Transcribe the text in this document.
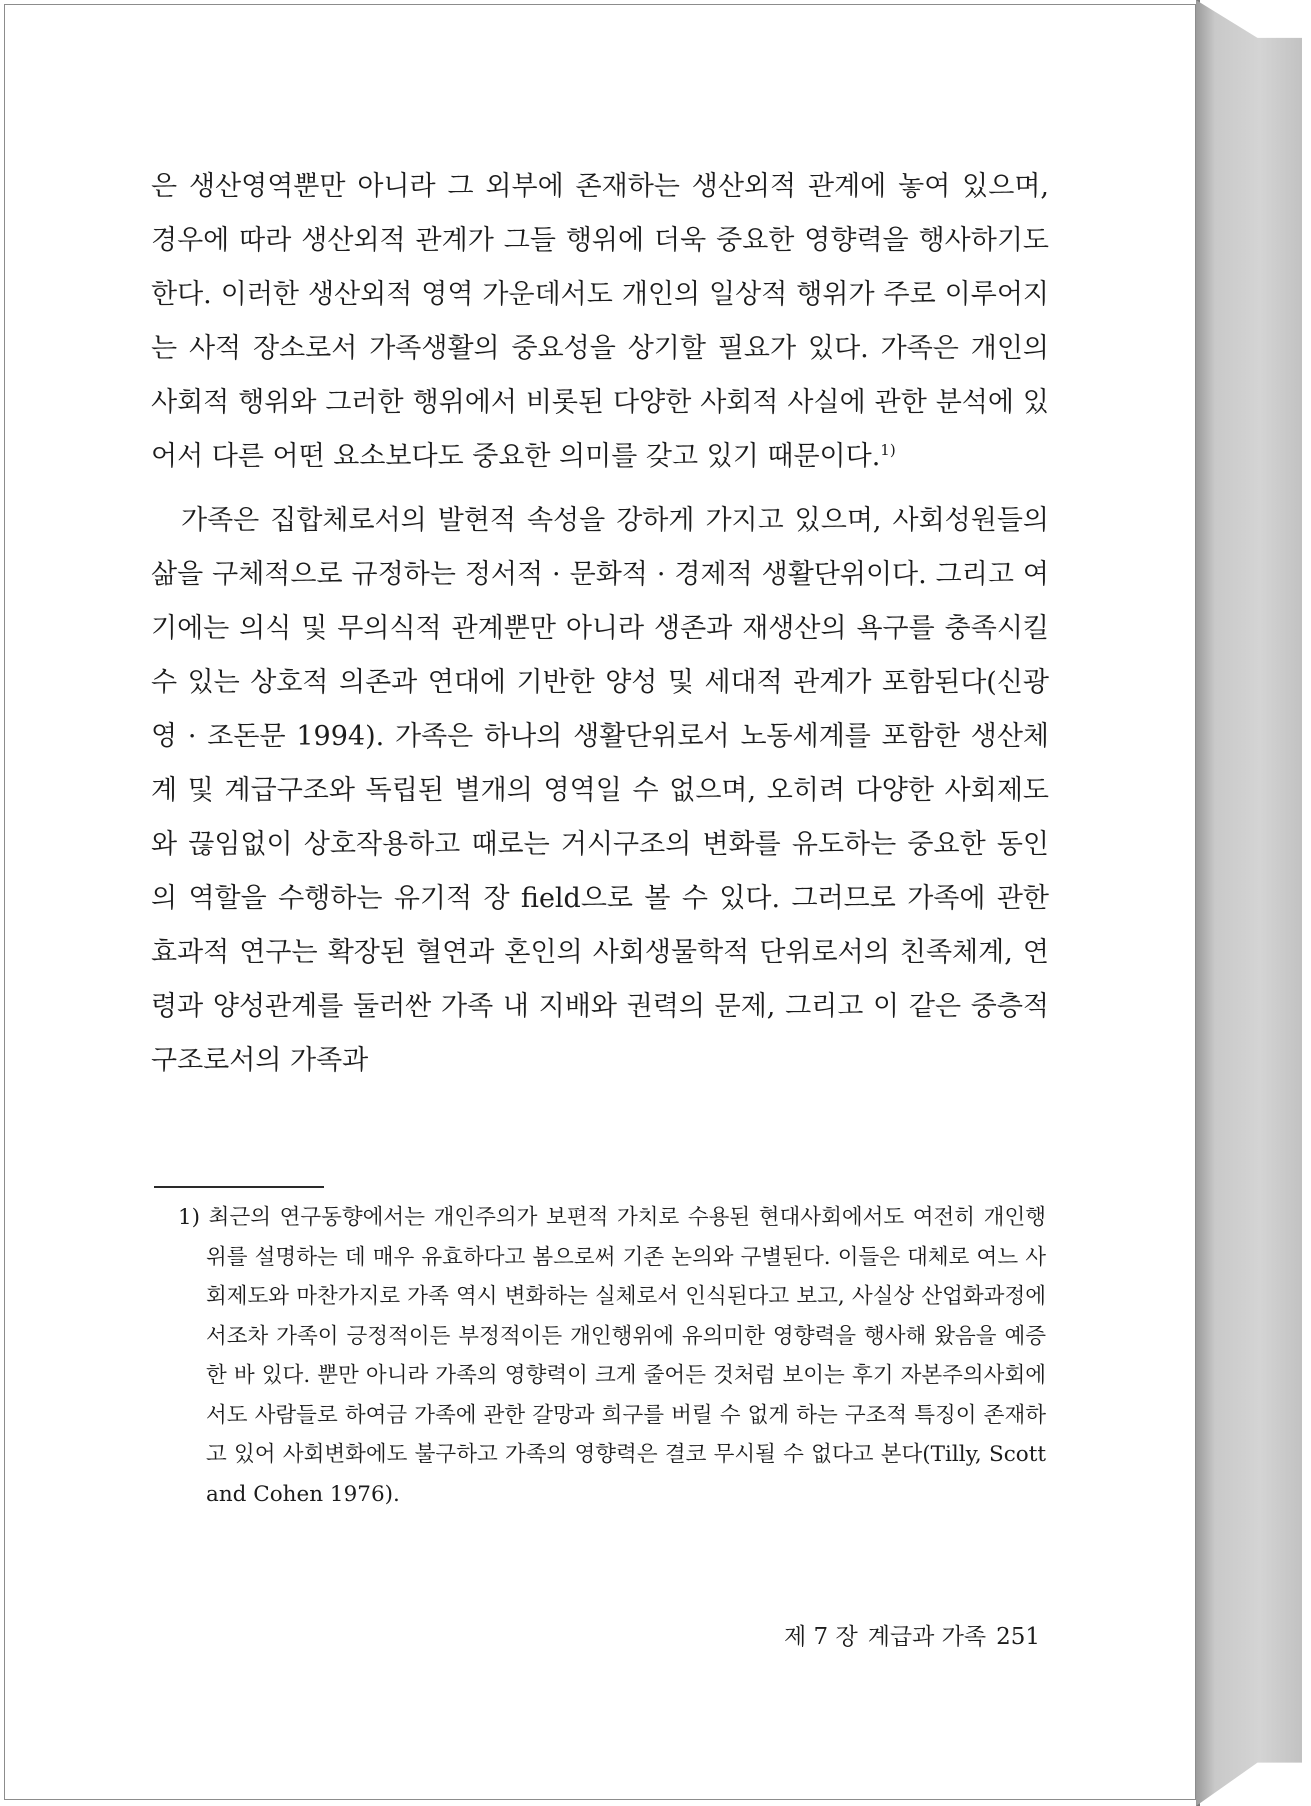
은 생산영역뿐만 아니라 그 외부에 존재하는 생산외적 관계에 놓여 있으며, 경우에 따라 생산외적 관계가 그들 행위에 더욱 중요한 영향력을 행사하기도 한다. 이러한 생산외적 영역 가운데서도 개인의 일상적 행위가 주로 이루어지는 사적 장소로서 가족생활의 중요성을 상기할 필요가 있다. 가족은 개인의 사회적 행위와 그러한 행위에서 비롯된 다양한 사회적 사실에 관한 분석에 있어서 다른 어떤 요소보다도 중요한 의미를 갖고 있기 때문이다.$^{1)}$

가족은 집합체로서의 발현적 속성을 강하게 가지고 있으며, 사회성원들의 삶을 구체적으로 규정하는 정서적 · 문화적 · 경제적 생활단위이다. 그리고 여기에는 의식 및 무의식적 관계뿐만 아니라 생존과 재생산의 욕구를 충족시킬 수 있는 상호적 의존과 연대에 기반한 양성 및 세대적 관계가 포함된다(신광영 · 조돈문 1994). 가족은 하나의 생활단위로서 노동세계를 포함한 생산체계 및 계급구조와 독립된 별개의 영역일 수 없으며, 오히려 다양한 사회제도와 끊임없이 상호작용하고 때로는 거시구조의 변화를 유도하는 중요한 동인의 역할을 수행하는 유기적 장 field으로 볼 수 있다. 그러므로 가족에 관한 효과적 연구는 확장된 혈연과 혼인의 사회생물학적 단위로서의 친족체계, 연령과 양성관계를 둘러싼 가족 내 지배와 권력의 문제, 그리고 이 같은 중층적 구조로서의 가족과

1) 최근의 연구동향에서는 개인주의가 보편적 가치로 수용된 현대사회에서도 여전히 개인행위를 설명하는 데 매우 유효하다고 봄으로써 기존 논의와 구별된다. 이들은 대체로 여느 사회제도와 마찬가지로 가족 역시 변화하는 실체로서 인식된다고 보고, 사실상 산업화과정에서조차 가족이 긍정적이든 부정적이든 개인행위에 유의미한 영향력을 행사해 왔음을 예증한 바 있다. 뿐만 아니라 가족의 영향력이 크게 줄어든 것처럼 보이는 후기 자본주의사회에서도 사람들로 하여금 가족에 관한 갈망과 희구를 버릴 수 없게 하는 구조적 특징이 존재하고 있어 사회변화에도 불구하고 가족의 영향력은 결코 무시될 수 없다고 본다(Tilly, Scott and Cohen 1976).
제 7 장 계급과 가족 251
